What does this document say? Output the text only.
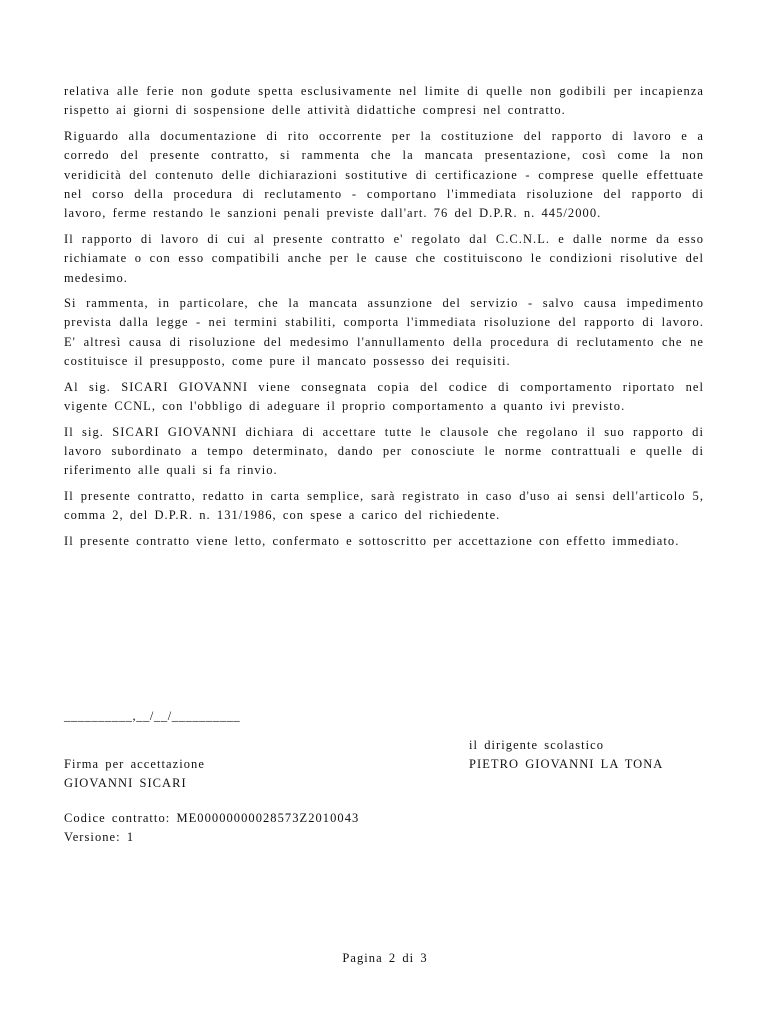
relativa alle ferie non godute spetta esclusivamente nel limite di quelle non godibili per incapienza rispetto ai giorni di sospensione delle attività didattiche compresi nel contratto.

Riguardo alla documentazione di rito occorrente per la costituzione del rapporto di lavoro e a corredo del presente contratto, si rammenta che la mancata presentazione, così come la non veridicità del contenuto delle dichiarazioni sostitutive di certificazione - comprese quelle effettuate nel corso della procedura di reclutamento - comportano l'immediata risoluzione del rapporto di lavoro, ferme restando le sanzioni penali previste dall'art. 76 del D.P.R. n. 445/2000.

Il rapporto di lavoro di cui al presente contratto e' regolato dal C.C.N.L. e dalle norme da esso richiamate o con esso compatibili anche per le cause che costituiscono le condizioni risolutive del medesimo.

Si rammenta, in particolare, che la mancata assunzione del servizio - salvo causa impedimento prevista dalla legge - nei termini stabiliti, comporta l'immediata risoluzione del rapporto di lavoro. E' altresì causa di risoluzione del medesimo l'annullamento della procedura di reclutamento che ne costituisce il presupposto, come pure il mancato possesso dei requisiti.

Al sig. SICARI GIOVANNI viene consegnata copia del codice di comportamento riportato nel vigente CCNL, con l'obbligo di adeguare il proprio comportamento a quanto ivi previsto.

Il sig. SICARI GIOVANNI dichiara di accettare tutte le clausole che regolano il suo rapporto di lavoro subordinato a tempo determinato, dando per conosciute le norme contrattuali e quelle di riferimento alle quali si fa rinvio.

Il presente contratto, redatto in carta semplice, sarà registrato in caso d'uso ai sensi dell'articolo 5, comma 2, del D.P.R. n. 131/1986, con spese a carico del richiedente.

Il presente contratto viene letto, confermato e sottoscritto per accettazione con effetto immediato.

__________,__/__/__________
il dirigente scolastico
PIETRO GIOVANNI LA TONA
Firma per accettazione
GIOVANNI SICARI
Codice contratto: ME00000000028573Z2010043
Versione: 1
Pagina 2 di 3
